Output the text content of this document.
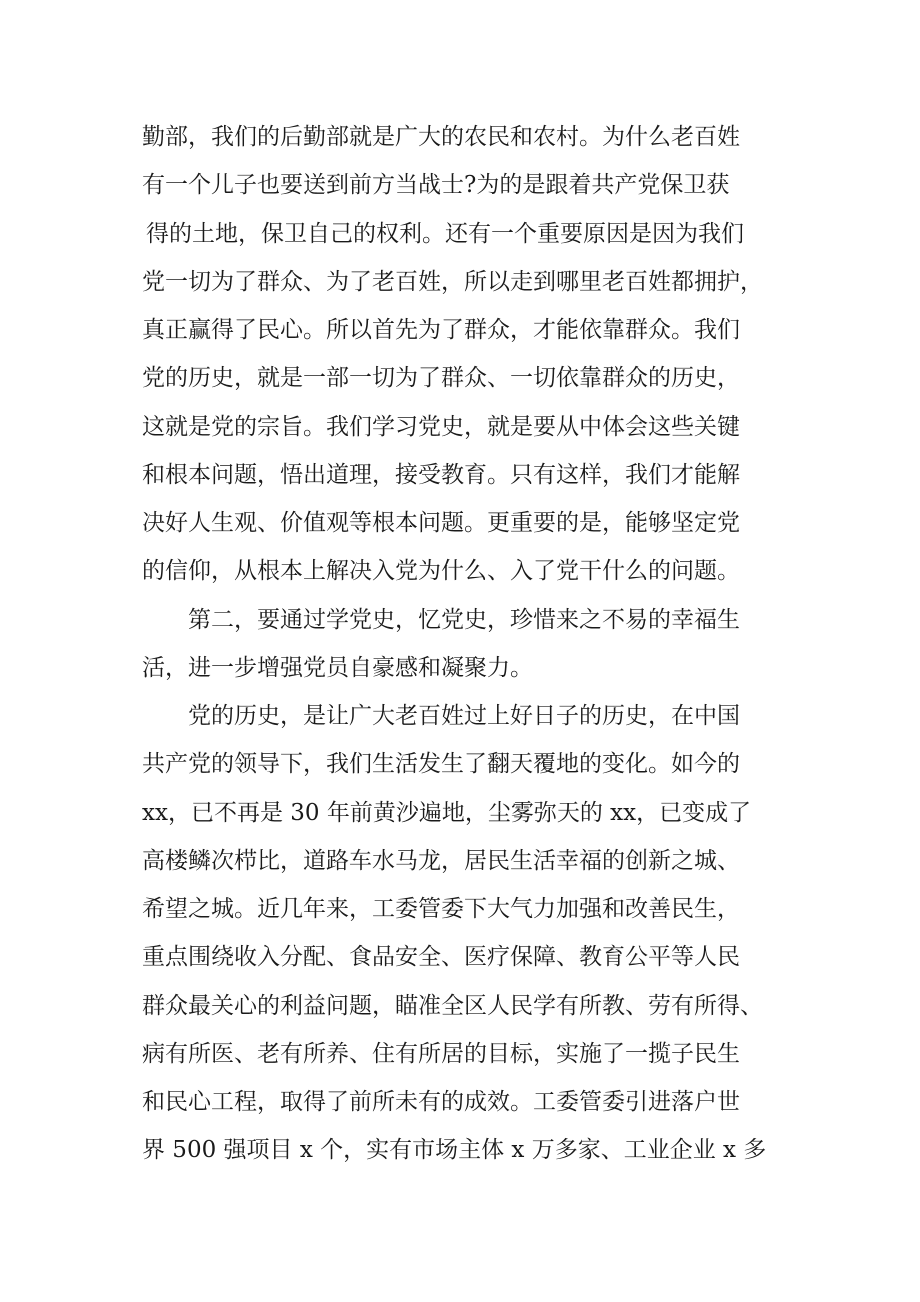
勤部，我们的后勤部就是广大的农民和农村。为什么老百姓
有一个儿子也要送到前方当战士?为的是跟着共产党保卫获
得的土地，保卫自己的权利。还有一个重要原因是因为我们
党一切为了群众、为了老百姓，所以走到哪里老百姓都拥护，
真正赢得了民心。所以首先为了群众，才能依靠群众。我们
党的历史，就是一部一切为了群众、一切依靠群众的历史，
这就是党的宗旨。我们学习党史，就是要从中体会这些关键
和根本问题，悟出道理，接受教育。只有这样，我们才能解
决好人生观、价值观等根本问题。更重要的是，能够坚定党
的信仰，从根本上解决入党为什么、入了党干什么的问题。
第二，要通过学党史，忆党史，珍惜来之不易的幸福生
活，进一步增强党员自豪感和凝聚力。
党的历史，是让广大老百姓过上好日子的历史，在中国
共产党的领导下，我们生活发生了翻天覆地的变化。如今的
xx，已不再是 30 年前黄沙遍地，尘雾弥天的 xx，已变成了
高楼鳞次栉比，道路车水马龙，居民生活幸福的创新之城、
希望之城。近几年来，工委管委下大气力加强和改善民生，
重点围绕收入分配、食品安全、医疗保障、教育公平等人民
群众最关心的利益问题，瞄准全区人民学有所教、劳有所得、
病有所医、老有所养、住有所居的目标，实施了一揽子民生
和民心工程，取得了前所未有的成效。工委管委引进落户世
界 500 强项目 x 个，实有市场主体 x 万多家、工业企业 x 多
